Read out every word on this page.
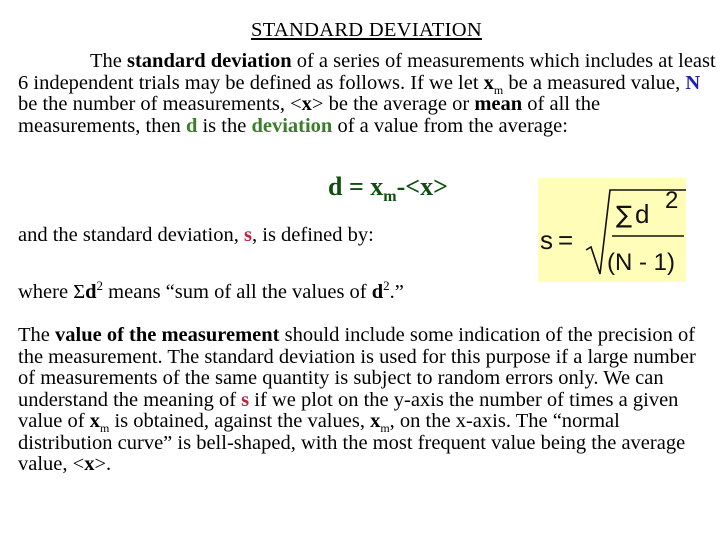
STANDARD DEVIATION
The standard deviation of a series of measurements which includes at least 6 independent trials may be defined as follows. If we let $x_m$ be a measured value, N be the number of measurements, <x> be the average or mean of all the measurements, then d is the deviation of a value from the average:
$d = x_m-<x>$
s =
∑ d 2
(N - 1)
and the standard deviation, s, is defined by:
where $\Sigma d^2$ means “sum of all the values of $d^2$.”
The value of the measurement should include some indication of the precision of the measurement. The standard deviation is used for this purpose if a large number of measurements of the same quantity is subject to random errors only. We can understand the meaning of s if we plot on the y-axis the number of times a given value of $x_m$ is obtained, against the values, $x_m$, on the x-axis. The “normal distribution curve” is bell-shaped, with the most frequent value being the average value, <x>.
